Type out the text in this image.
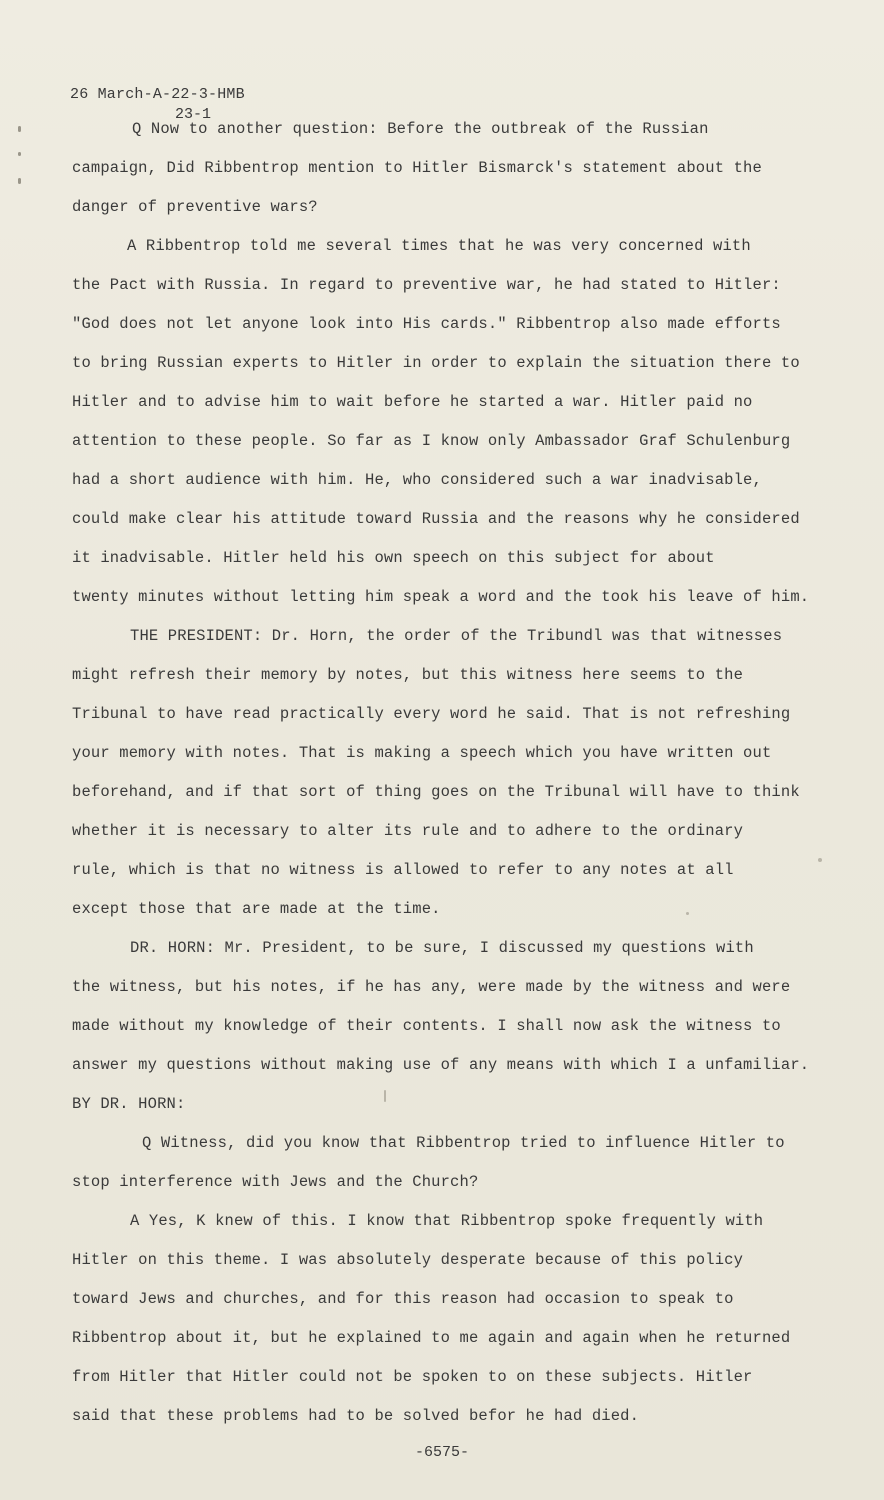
26 March-A-22-3-HMB
23-1
Q Now to another question: Before the outbreak of the Russian
campaign, Did Ribbentrop mention to Hitler Bismarck's statement about the
danger of preventive wars?
A Ribbentrop told me several times that he was very concerned with
the Pact with Russia. In regard to preventive war, he had stated to Hitler:
"God does not let anyone look into His cards." Ribbentrop also made efforts
to bring Russian experts to Hitler in order to explain the situation there to
Hitler and to advise him to wait before he started a war. Hitler paid no
attention to these people. So far as I know only Ambassador Graf Schulenburg
had a short audience with him. He, who considered such a war inadvisable,
could make clear his attitude toward Russia and the reasons why he considered
it inadvisable. Hitler held his own speech on this subject for about
twenty minutes without letting him speak a word and the took his leave of him.
THE PRESIDENT: Dr. Horn, the order of the Tribundl was that witnesses
might refresh their memory by notes, but this witness here seems to the
Tribunal to have read practically every word he said. That is not refreshing
your memory with notes. That is making a speech which you have written out
beforehand, and if that sort of thing goes on the Tribunal will have to think
whether it is necessary to alter its rule and to adhere to the ordinary
rule, which is that no witness is allowed to refer to any notes at all
except those that are made at the time.
DR. HORN: Mr. President, to be sure, I discussed my questions with
the witness, but his notes, if he has any, were made by the witness and were
made without my knowledge of their contents. I shall now ask the witness to
answer my questions without making use of any means with which I a unfamiliar.
BY DR. HORN:
Q Witness, did you know that Ribbentrop tried to influence Hitler to
stop interference with Jews and the Church?
A Yes, K knew of this. I know that Ribbentrop spoke frequently with
Hitler on this theme. I was absolutely desperate because of this policy
toward Jews and churches, and for this reason had occasion to speak to
Ribbentrop about it, but he explained to me again and again when he returned
from Hitler that Hitler could not be spoken to on these subjects. Hitler
said that these problems had to be solved befor he had died.
-6575-
